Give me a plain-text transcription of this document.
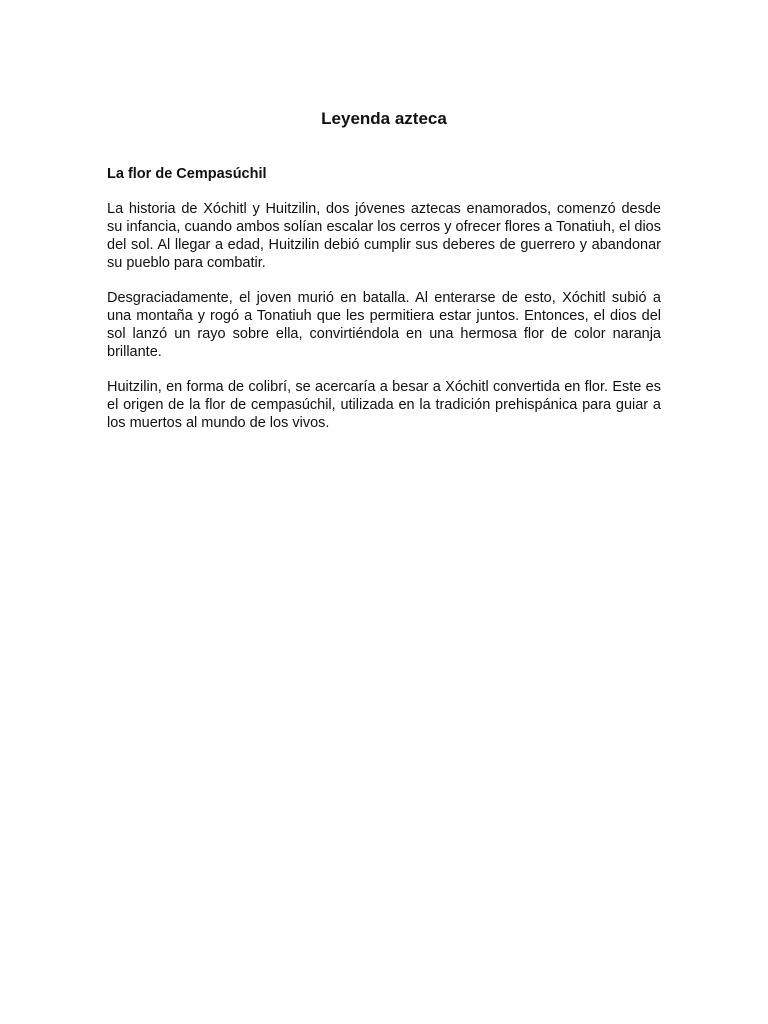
Leyenda azteca
La flor de Cempasúchil

La historia de Xóchitl y Huitzilin, dos jóvenes aztecas enamorados, comenzó desde su infancia, cuando ambos solían escalar los cerros y ofrecer flores a Tonatiuh, el dios del sol. Al llegar a edad, Huitzilin debió cumplir sus deberes de guerrero y abandonar su pueblo para combatir.

Desgraciadamente, el joven murió en batalla. Al enterarse de esto, Xóchitl subió a una montaña y rogó a Tonatiuh que les permitiera estar juntos. Entonces, el dios del sol lanzó un rayo sobre ella, convirtiéndola en una hermosa flor de color naranja brillante.

Huitzilin, en forma de colibrí, se acercaría a besar a Xóchitl convertida en flor. Este es el origen de la flor de cempasúchil, utilizada en la tradición prehispánica para guiar a los muertos al mundo de los vivos.
